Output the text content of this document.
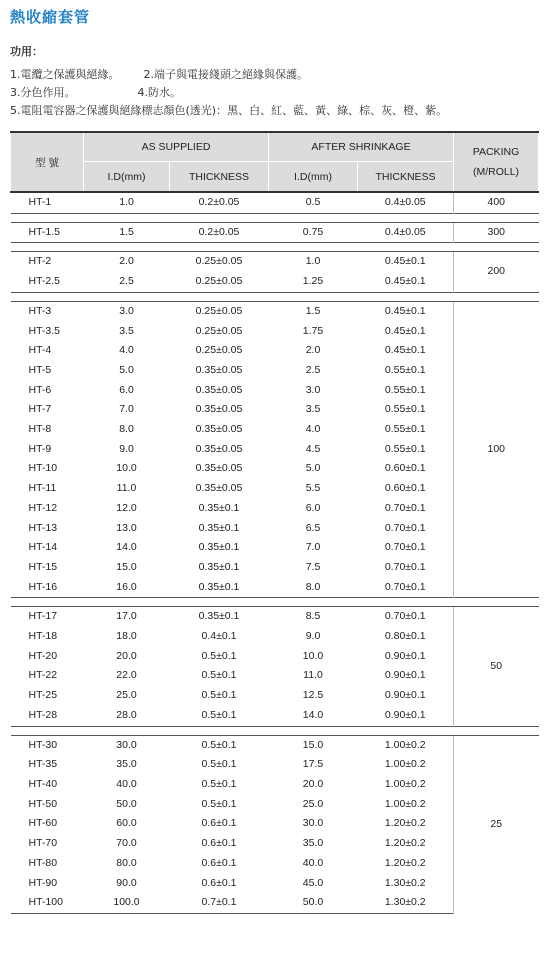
熱收縮套管
功用：
1.電纜之保護與絕緣。 2.端子與電接綫頭之絕緣與保護。
3.分色作用。	4.防水。
5.電阻電容器之保護與絕緣標志顏色(透光)：黑、白、紅、藍、黃、綠、棕、灰、橙、紫。
型 號	AS SUPPLIED		AFTER SHRINKAGE		PACKING (M/ROLL)
	I.D(mm)	THICKNESS	I.D(mm)	THICKNESS	
HT-1	1.0	0.2±0.05	0.5	0.4±0.05	400

HT-1.5	1.5	0.2±0.05	0.75	0.4±0.05	300

HT-2	2.0	0.25±0.05	1.0	0.45±0.1	200
HT-2.5	2.5	0.25±0.05	1.25	0.45±0.1	

HT-3	3.0	0.25±0.05	1.5	0.45±0.1	100
HT-3.5	3.5	0.25±0.05	1.75	0.45±0.1	
HT-4	4.0	0.25±0.05	2.0	0.45±0.1	
HT-5	5.0	0.35±0.05	2.5	0.55±0.1	
HT-6	6.0	0.35±0.05	3.0	0.55±0.1	
HT-7	7.0	0.35±0.05	3.5	0.55±0.1	
HT-8	8.0	0.35±0.05	4.0	0.55±0.1	
HT-9	9.0	0.35±0.05	4.5	0.55±0.1	
HT-10	10.0	0.35±0.05	5.0	0.60±0.1	
HT-11	11.0	0.35±0.05	5.5	0.60±0.1	
HT-12	12.0	0.35±0.1	6.0	0.70±0.1	
HT-13	13.0	0.35±0.1	6.5	0.70±0.1	
HT-14	14.0	0.35±0.1	7.0	0.70±0.1	
HT-15	15.0	0.35±0.1	7.5	0.70±0.1	
HT-16	16.0	0.35±0.1	8.0	0.70±0.1	

HT-17	17.0	0.35±0.1	8.5	0.70±0.1	50
HT-18	18.0	0.4±0.1	9.0	0.80±0.1	
HT-20	20.0	0.5±0.1	10.0	0.90±0.1	
HT-22	22.0	0.5±0.1	11.0	0.90±0.1	
HT-25	25.0	0.5±0.1	12.5	0.90±0.1	
HT-28	28.0	0.5±0.1	14.0	0.90±0.1	

HT-30	30.0	0.5±0.1	15.0	1.00±0.2	25
HT-35	35.0	0.5±0.1	17.5	1.00±0.2	
HT-40	40.0	0.5±0.1	20.0	1.00±0.2	
HT-50	50.0	0.5±0.1	25.0	1.00±0.2	
HT-60	60.0	0.6±0.1	30.0	1.20±0.2	
HT-70	70.0	0.6±0.1	35.0	1.20±0.2	
HT-80	80.0	0.6±0.1	40.0	1.20±0.2	
HT-90	90.0	0.6±0.1	45.0	1.30±0.2	
HT-100	100.0	0.7±0.1	50.0	1.30±0.2	
